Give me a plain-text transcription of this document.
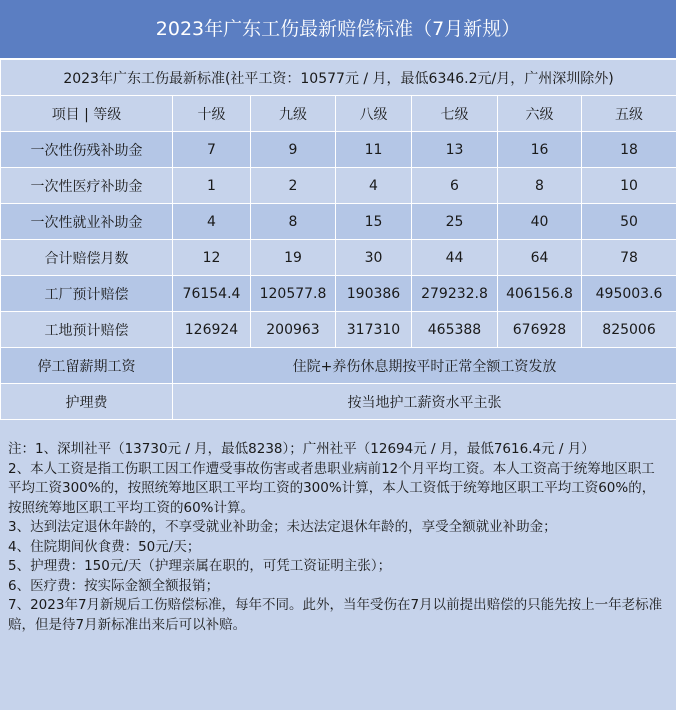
2023年广东工伤最新赔偿标准（7月新规）
2023年广东工伤最新标准(社平工资：10577元 / 月，最低6346.2元/月，广州深圳除外)						
项目 | 等级	十级	九级	八级	七级	六级	五级
一次性伤残补助金	7	9	11	13	16	18
一次性医疗补助金	1	2	4	6	8	10
一次性就业补助金	4	8	15	25	40	50
合计赔偿月数	12	19	30	44	64	78
工厂预计赔偿	76154.4	120577.8	190386	279232.8	406156.8	495003.6
工地预计赔偿	126924	200963	317310	465388	676928	825006
停工留薪期工资	住院+养伤休息期按平时正常全额工资发放					
护理费	按当地护工薪资水平主张					

注：1、深圳社平（13730元 / 月，最低8238）；广州社平（12694元 / 月，最低7616.4元 / 月）

2、本人工资是指工伤职工因工作遭受事故伤害或者患职业病前12个月平均工资。本人工资高于统筹地区职工平均工资300%的，按照统筹地区职工平均工资的300%计算，本人工资低于统筹地区职工平均工资60%的，按照统筹地区职工平均工资的60%计算。

3、达到法定退休年龄的，不享受就业补助金；未达法定退休年龄的，享受全额就业补助金；

4、住院期间伙食费：50元/天；

5、护理费：150元/天（护理亲属在职的，可凭工资证明主张）；

6、医疗费：按实际金额全额报销；

7、2023年7月新规后工伤赔偿标准，每年不同。此外，当年受伤在7月以前提出赔偿的只能先按上一年老标准赔，但是待7月新标准出来后可以补赔。
